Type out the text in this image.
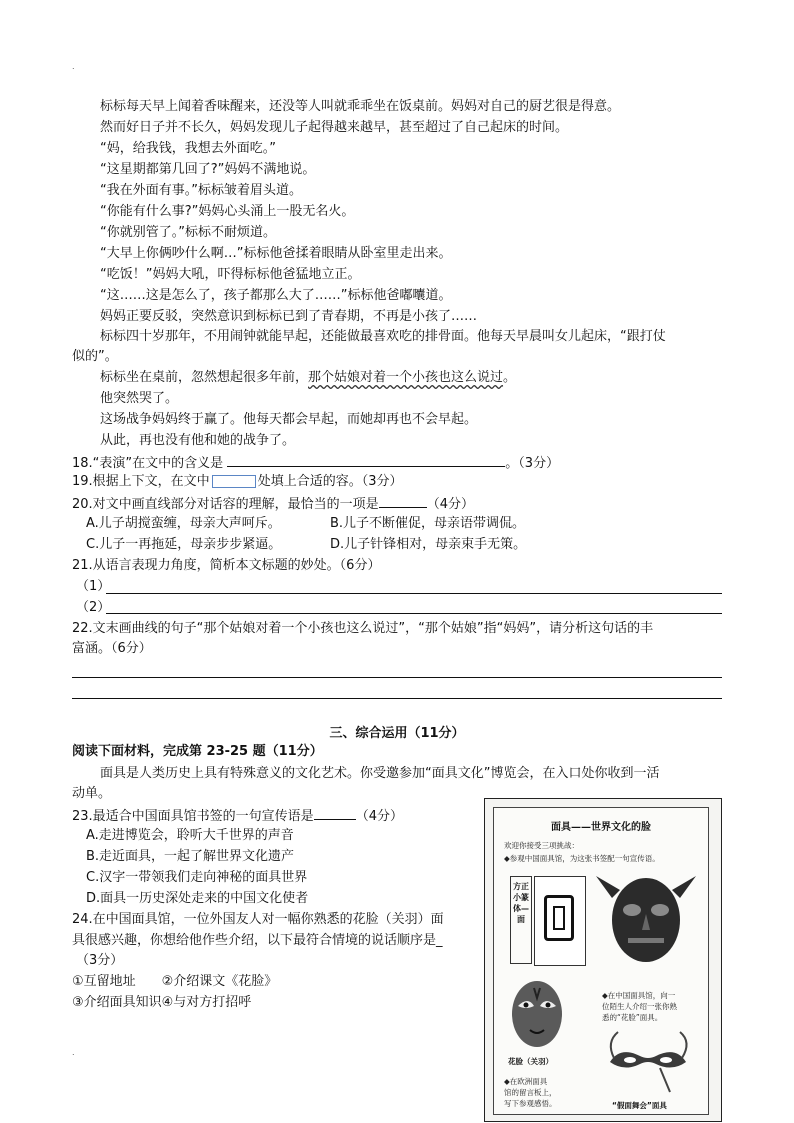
.
标标每天早上闻着香味醒来，还没等人叫就乖乖坐在饭桌前。妈妈对自己的厨艺很是得意。
然而好日子并不长久，妈妈发现儿子起得越来越早，甚至超过了自己起床的时间。
“妈，给我钱，我想去外面吃。”
“这星期都第几回了?”妈妈不满地说。
“我在外面有事。”标标皱着眉头道。
“你能有什么事?”妈妈心头涌上一股无名火。
“你就别管了。”标标不耐烦道。
“大早上你俩吵什么啊…”标标他爸揉着眼睛从卧室里走出来。
“吃饭！”妈妈大吼，吓得标标他爸猛地立正。
“这……这是怎么了，孩子都那么大了……”标标他爸嘟囔道。
妈妈正要反驳，突然意识到标标已到了青春期，不再是小孩了……
标标四十岁那年，不用闹钟就能早起，还能做最喜欢吃的排骨面。他每天早晨叫女儿起床，“跟打仗
似的”。
标标坐在桌前，忽然想起很多年前，那个姑娘对着一个小孩也这么说过。
他突然哭了。
这场战争妈妈终于赢了。他每天都会早起，而她却再也不会早起。
从此，再也没有他和她的战争了。
18.“表演”在文中的含义是	。（3分）
19.根据上下文，在文中	处填上合适的容。（3分）
20.对文中画直线部分对话容的理解，最恰当的一项是	（4分）
A.儿子胡搅蛮缠，母亲大声呵斥。	B.儿子不断催促，母亲语带调侃。
C.儿子一再拖延，母亲步步紧逼。	D.儿子针锋相对，母亲束手无策。
21.从语言表现力角度，简析本文标题的妙处。（6分）
（1）
（2）
22.文末画曲线的句子“那个姑娘对着一个小孩也这么说过”，“那个姑娘”指“妈妈”，请分析这句话的丰
富涵。（6分）
三、综合运用（11分）
阅读下面材料，完成第 23-25 题（11分）
面具是人类历史上具有特殊意义的文化艺术。你受邀参加“面具文化”博览会，在入口处你收到一活
动单。
23.最适合中国面具馆书签的一句宣传语是	（4分）
A.走进博览会，聆听大千世界的声音
B.走近面具，一起了解世界文化遗产
C.汉字一带领我们走向神秘的面具世界
D.面具一历史深处走来的中国文化使者
24.在中国面具馆，一位外国友人对一幅你熟悉的花脸（关羽）面
具很感兴趣，你想给他作些介绍，以下最符合情境的说话顺序是_
（3分）
①互留地址　　②介绍课文《花脸》
③介绍面具知识④与对方打招呼
.
面具——世界文化的脸
欢迎你接受三项挑战：
◆参观中国面具馆，为这张书签配一句宣传语。
方正小篆体—面
花脸（关羽）
◆在中国面具馆，向一
位陌生人介绍一张你熟
悉的“花脸”面具。
◆在欧洲面具
馆的留言板上，
写下参观感悟。	“假面舞会”面具
